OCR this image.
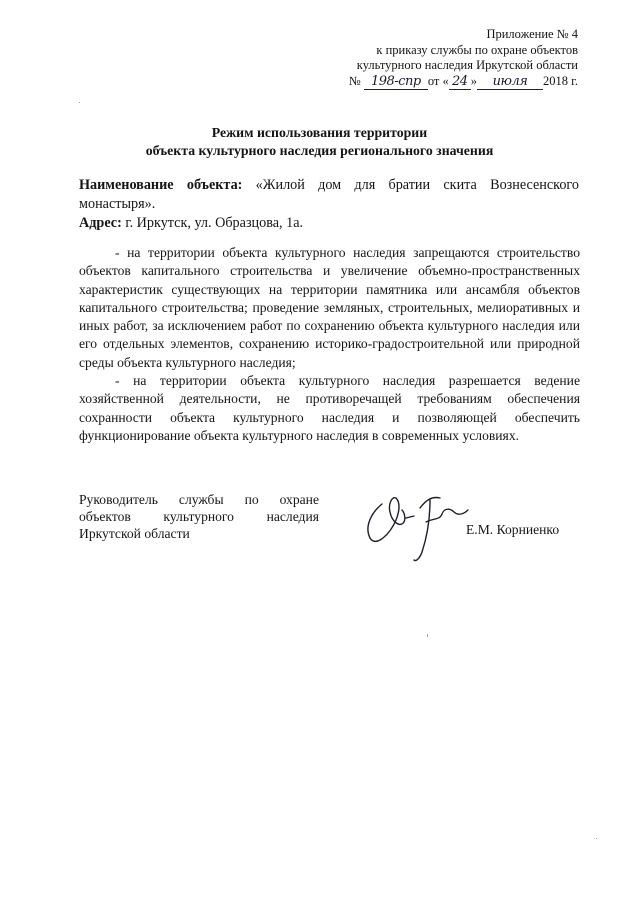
Приложение № 4
к приказу службы по охране объектов
культурного наследия Иркутской области
№ 198-спр от « 24 » июля 2018 г.
Режим использования территории
объекта культурного наследия регионального значения

Наименование объекта: «Жилой дом для братии скита Вознесенского монастыря».

Адрес: г. Иркутск, ул. Образцова, 1а.

- на территории объекта культурного наследия запрещаются строительство объектов капитального строительства и увеличение объемно-пространственных характеристик существующих на территории памятника или ансамбля объектов капитального строительства; проведение земляных, строительных, мелиоративных и иных работ, за исключением работ по сохранению объекта культурного наследия или его отдельных элементов, сохранению историко-градостроительной или природной среды объекта культурного наследия;

- на территории объекта культурного наследия разрешается ведение хозяйственной деятельности, не противоречащей требованиям обеспечения сохранности объекта культурного наследия и позволяющей обеспечить функционирование объекта культурного наследия в современных условиях.

Руководитель службы по охране
объектов культурного наследия
Иркутской области	Е.М. Корниенко
